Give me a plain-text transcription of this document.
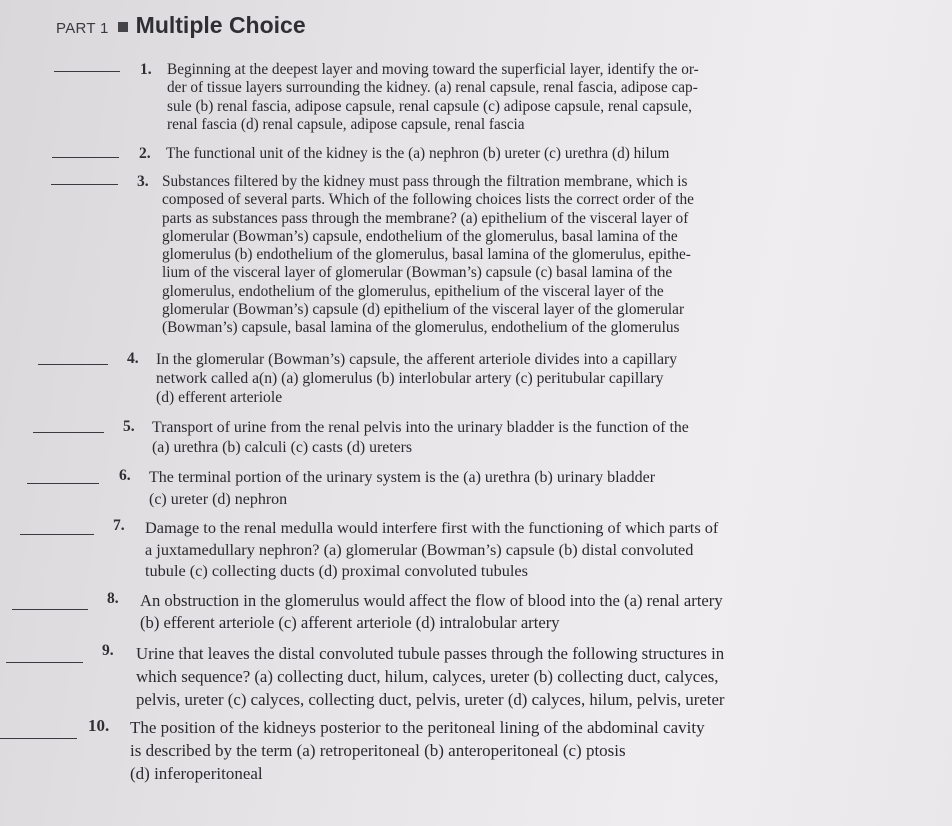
PART 1 Multiple Choice
1. Beginning at the deepest layer and moving toward the superficial layer, identify the or-
der of tissue layers surrounding the kidney. (a) renal capsule, renal fascia, adipose cap-
sule (b) renal fascia, adipose capsule, renal capsule (c) adipose capsule, renal capsule,
renal fascia (d) renal capsule, adipose capsule, renal fascia
2. The functional unit of the kidney is the (a) nephron (b) ureter (c) urethra (d) hilum
3. Substances filtered by the kidney must pass through the filtration membrane, which is
composed of several parts. Which of the following choices lists the correct order of the
parts as substances pass through the membrane? (a) epithelium of the visceral layer of
glomerular (Bowman’s) capsule, endothelium of the glomerulus, basal lamina of the
glomerulus (b) endothelium of the glomerulus, basal lamina of the glomerulus, epithe-
lium of the visceral layer of glomerular (Bowman’s) capsule (c) basal lamina of the
glomerulus, endothelium of the glomerulus, epithelium of the visceral layer of the
glomerular (Bowman’s) capsule (d) epithelium of the visceral layer of the glomerular
(Bowman’s) capsule, basal lamina of the glomerulus, endothelium of the glomerulus
4. In the glomerular (Bowman’s) capsule, the afferent arteriole divides into a capillary
network called a(n) (a) glomerulus (b) interlobular artery (c) peritubular capillary
(d) efferent arteriole
5. Transport of urine from the renal pelvis into the urinary bladder is the function of the
(a) urethra (b) calculi (c) casts (d) ureters
6. The terminal portion of the urinary system is the (a) urethra (b) urinary bladder
(c) ureter (d) nephron
7. Damage to the renal medulla would interfere first with the functioning of which parts of
a juxtamedullary nephron? (a) glomerular (Bowman’s) capsule (b) distal convoluted
tubule (c) collecting ducts (d) proximal convoluted tubules
8. An obstruction in the glomerulus would affect the flow of blood into the (a) renal artery
(b) efferent arteriole (c) afferent arteriole (d) intralobular artery
9. Urine that leaves the distal convoluted tubule passes through the following structures in
which sequence? (a) collecting duct, hilum, calyces, ureter (b) collecting duct, calyces,
pelvis, ureter (c) calyces, collecting duct, pelvis, ureter (d) calyces, hilum, pelvis, ureter
10. The position of the kidneys posterior to the peritoneal lining of the abdominal cavity
is described by the term (a) retroperitoneal (b) anteroperitoneal (c) ptosis
(d) inferoperitoneal
